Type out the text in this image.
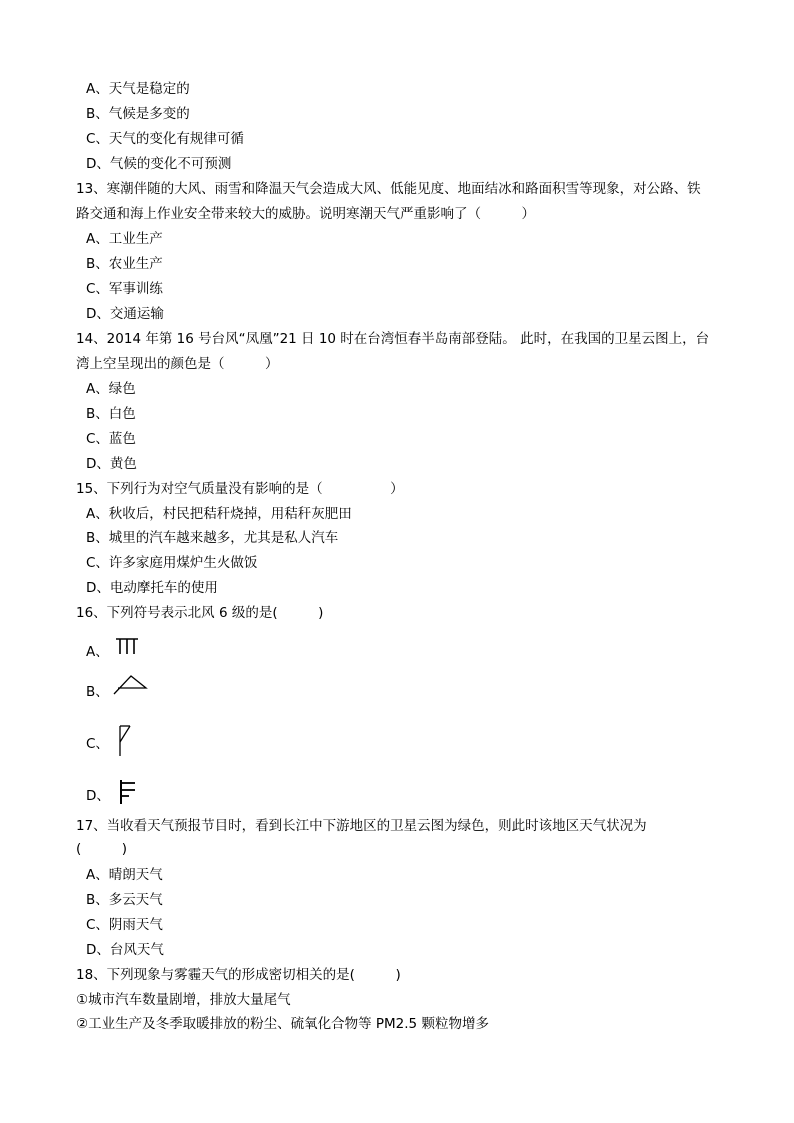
A、天气是稳定的
B、气候是多变的
C、天气的变化有规律可循
D、气候的变化不可预测
13、寒潮伴随的大风、雨雪和降温天气会造成大风、低能见度、地面结冰和路面积雪等现象，对公路、铁
路交通和海上作业安全带来较大的威胁。说明寒潮天气严重影响了（　　　）
A、工业生产
B、农业生产
C、军事训练
D、交通运输
14、2014 年第 16 号台风“凤凰”21 日 10 时在台湾恒春半岛南部登陆。 此时，在我国的卫星云图上，台
湾上空呈现出的颜色是（　　　）
A、绿色
B、白色
C、蓝色
D、黄色
15、下列行为对空气质量没有影响的是（　　　　　）
A、秋收后，村民把秸秆烧掉，用秸秆灰肥田
B、城里的汽车越来越多，尤其是私人汽车
C、许多家庭用煤炉生火做饭
D、电动摩托车的使用
16、下列符号表示北风 6 级的是(　　　)
A、
B、
C、
D、
17、当收看天气预报节目时，看到长江中下游地区的卫星云图为绿色，则此时该地区天气状况为
(　　　)
A、晴朗天气
B、多云天气
C、阴雨天气
D、台风天气
18、下列现象与雾霾天气的形成密切相关的是(　　　)
①城市汽车数量剧增，排放大量尾气
②工业生产及冬季取暖排放的粉尘、硫氧化合物等 PM2.5 颗粒物增多
